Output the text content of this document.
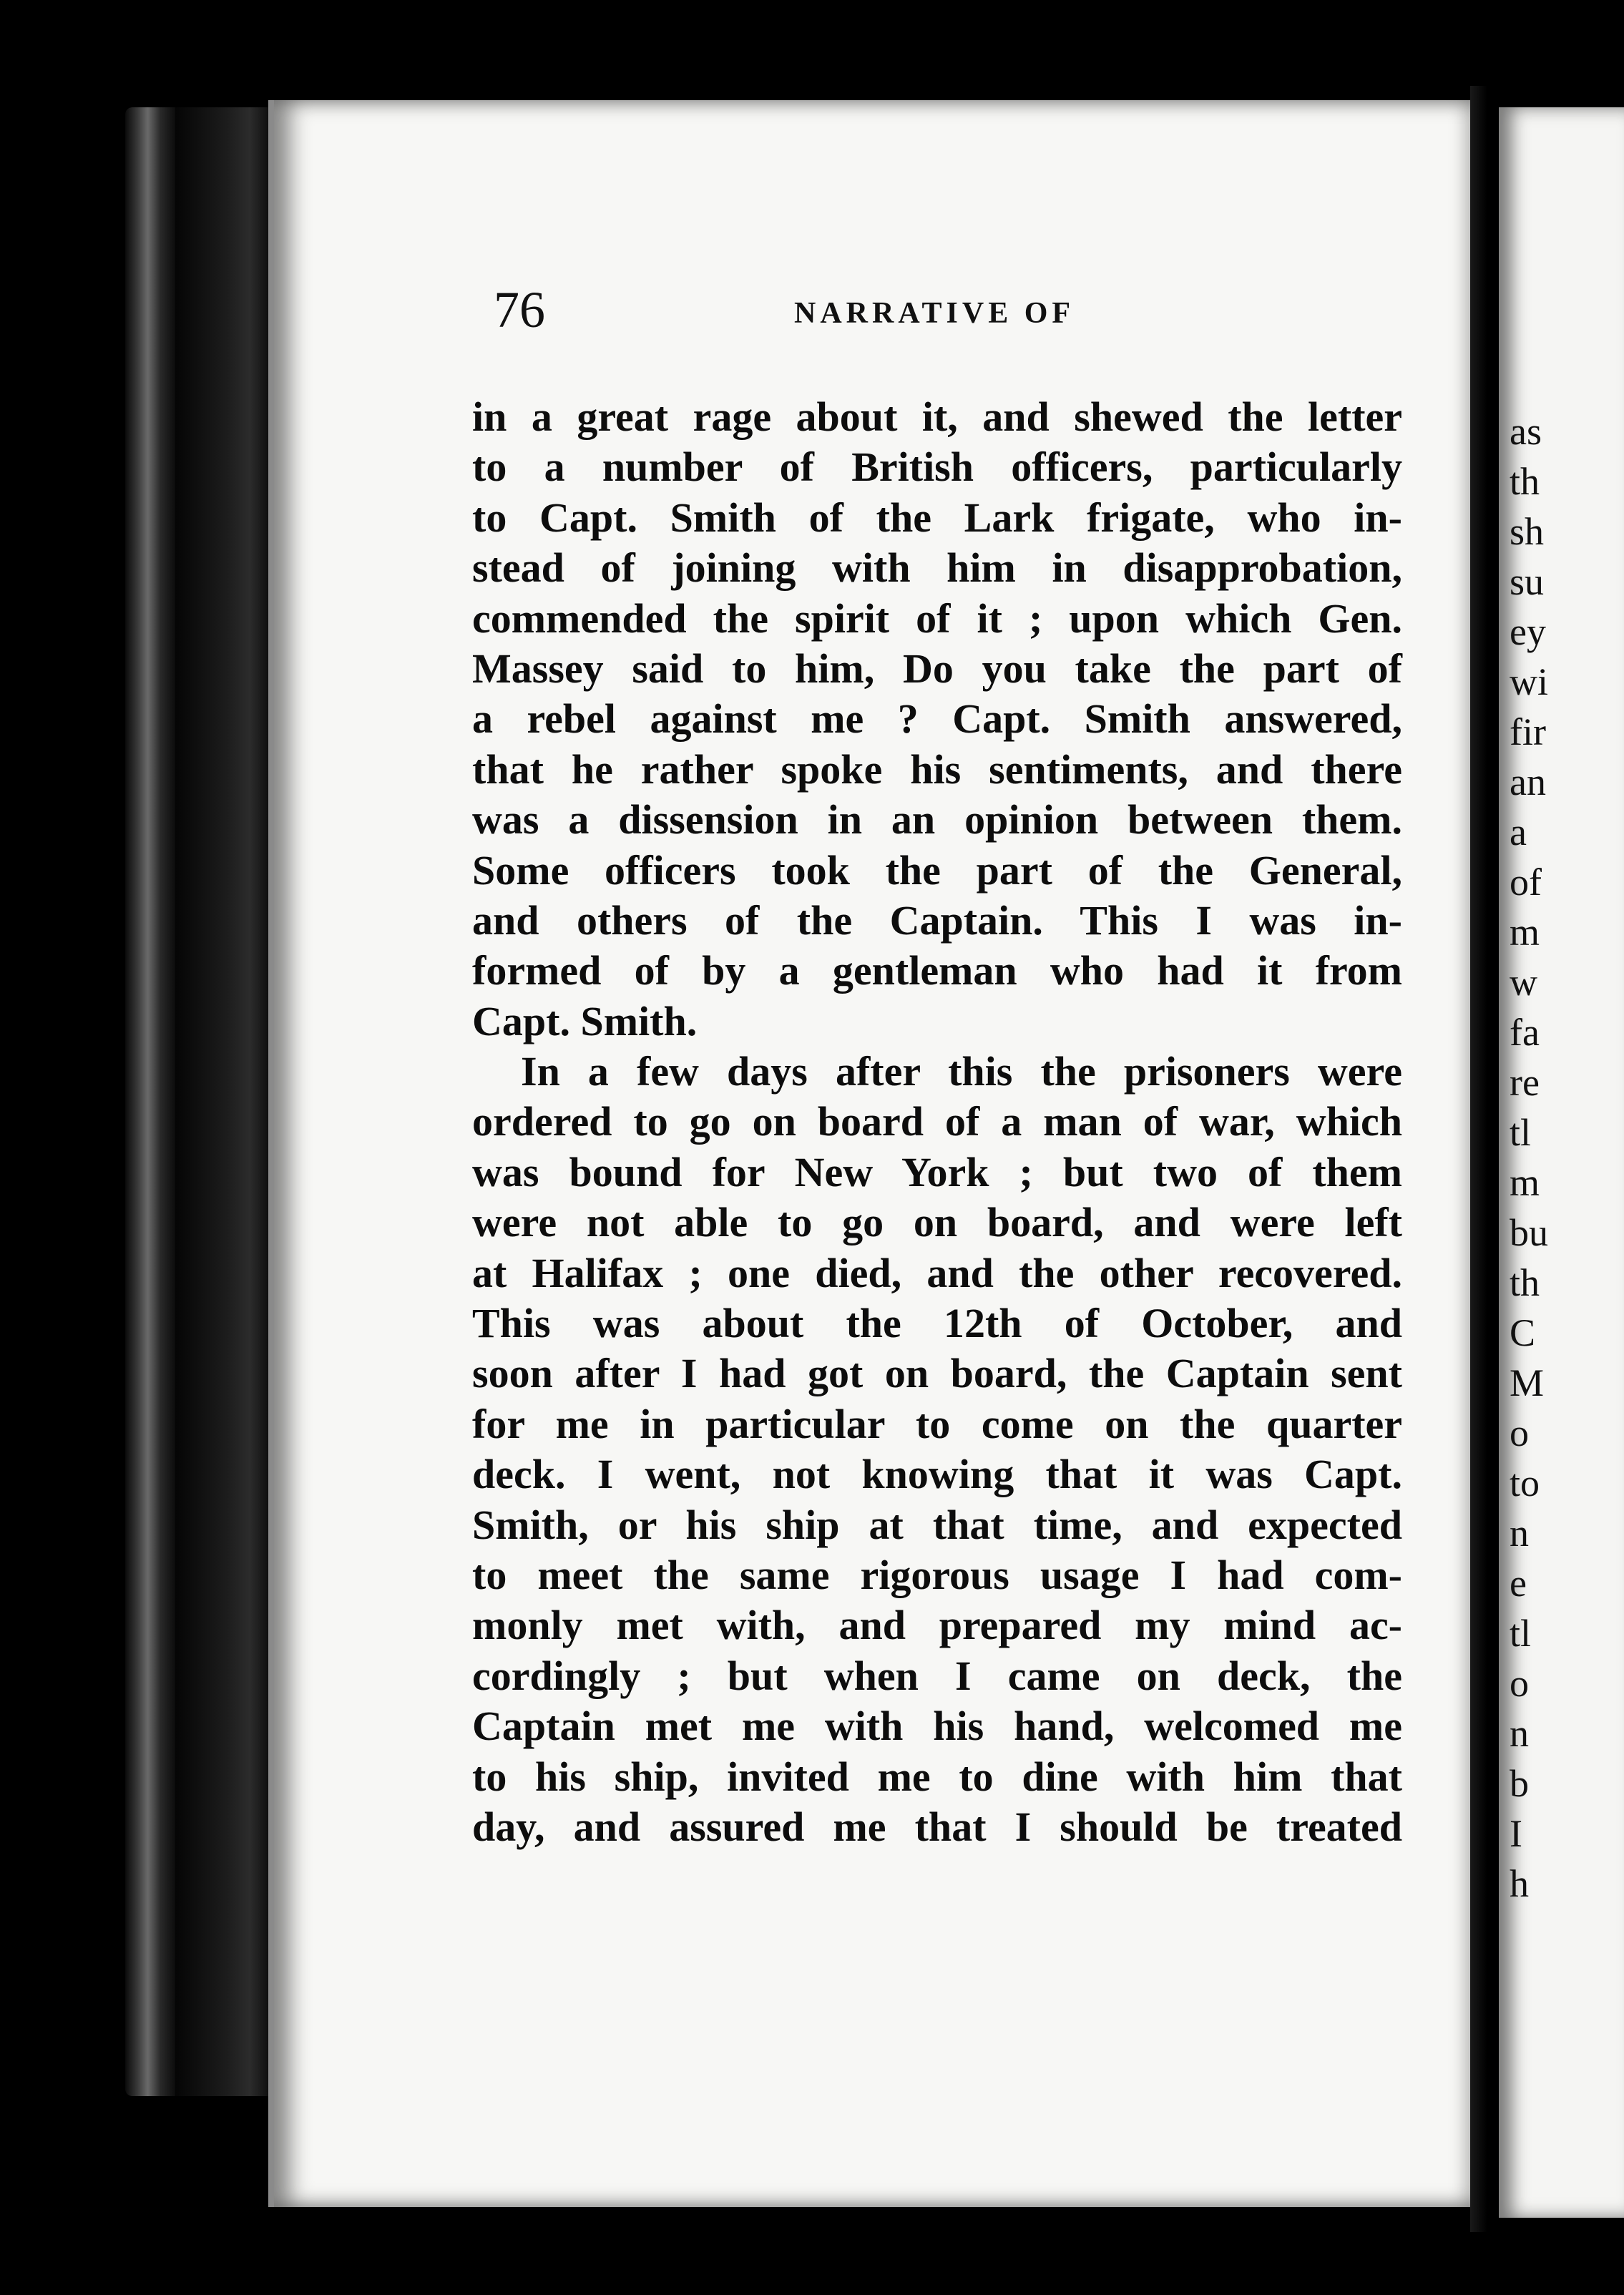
76	NARRATIVE OF
in a great rage about it, and shewed the letter
to a number of British officers, particularly
to Capt. Smith of the Lark frigate, who in-
stead of joining with him in disapprobation,
commended the spirit of it ; upon which Gen.
Massey said to him, Do you take the part of
a rebel against me ? Capt. Smith answered,
that he rather spoke his sentiments, and there
was a dissension in an opinion between them.
Some officers took the part of the General,
and others of the Captain. This I was in-
formed of by a gentleman who had it from
Capt. Smith.
In a few days after this the prisoners were
ordered to go on board of a man of war, which
was bound for New York ; but two of them
were not able to go on board, and were left
at Halifax ; one died, and the other recovered.
This was about the 12th of October, and
soon after I had got on board, the Captain sent
for me in particular to come on the quarter
deck. I went, not knowing that it was Capt.
Smith, or his ship at that time, and expected
to meet the same rigorous usage I had com-
monly met with, and prepared my mind ac-
cordingly ; but when I came on deck, the
Captain met me with his hand, welcomed me
to his ship, invited me to dine with him that
day, and assured me that I should be treated
as
th
sh
su
ey
wi
fir
an
a
of
m
w
fa
re
tl
m
bu
th
C
M
o
to
n
e
tl
o
n
b
I
h
